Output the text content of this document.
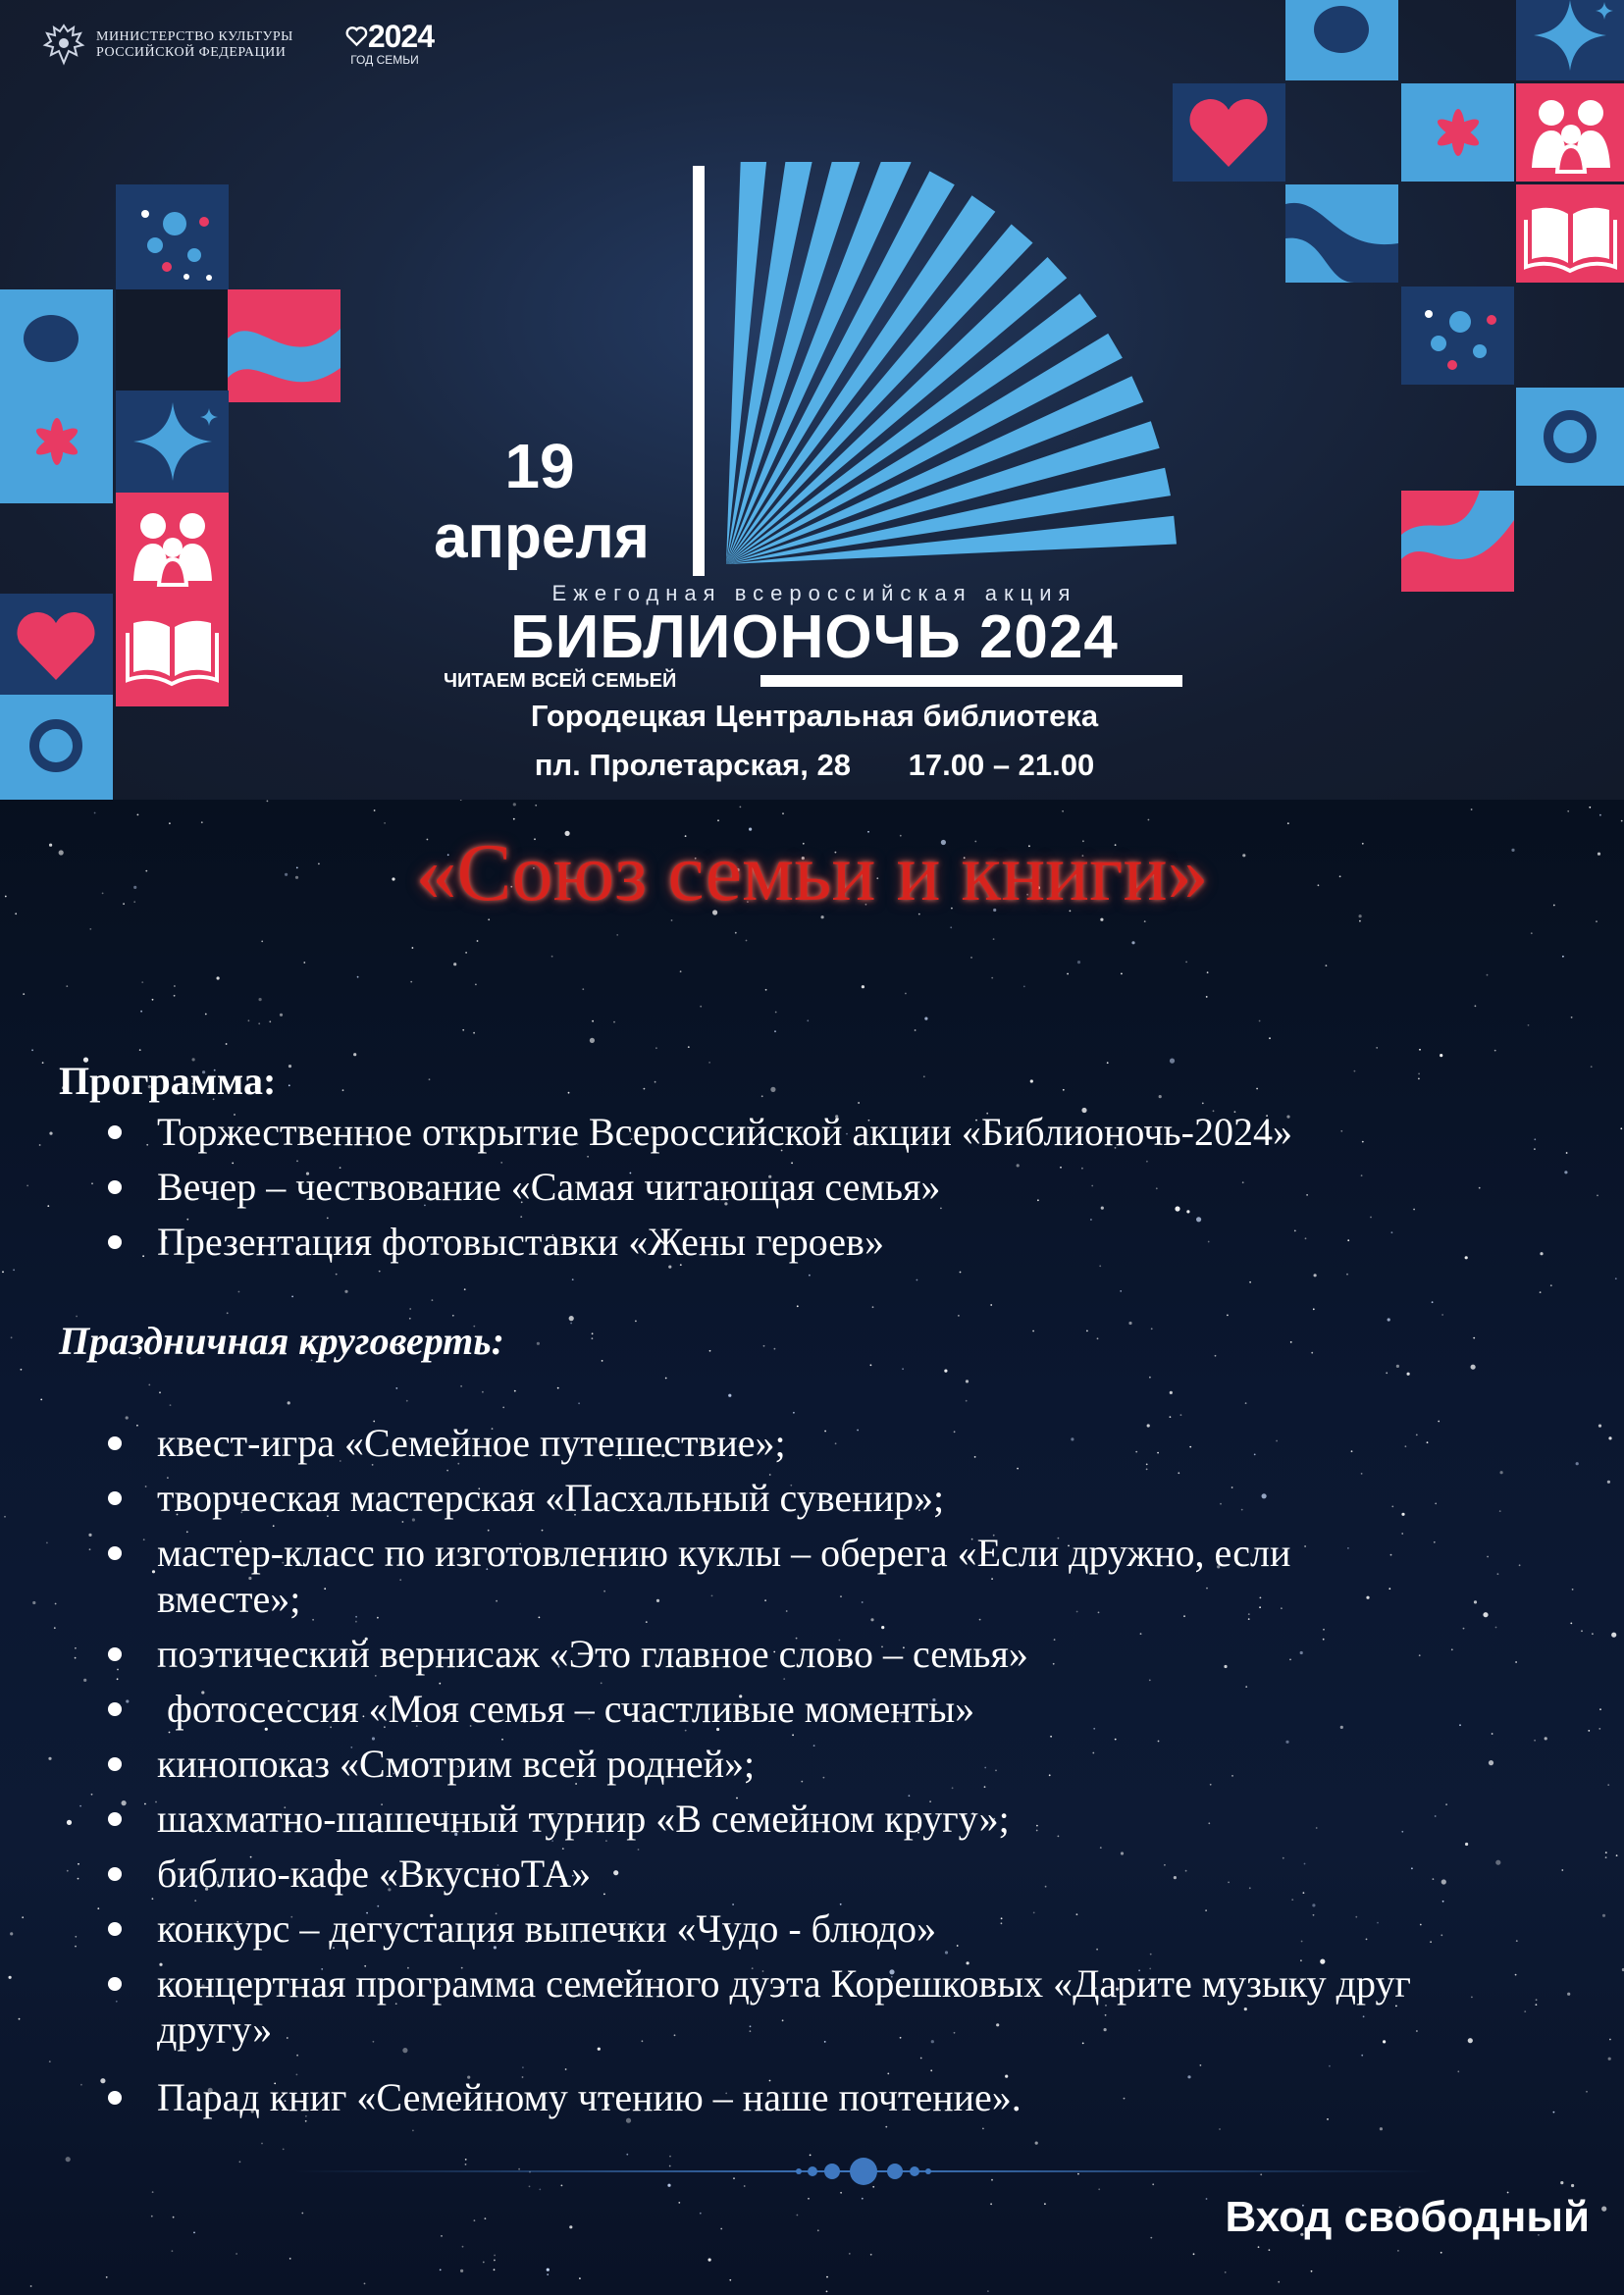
МИНИСТЕРСТВО КУЛЬТУРЫ
РОССИЙСКОЙ ФЕДЕРАЦИИ	2024
ГОД СЕМЬИ
19
апреля
Ежегодная всероссийская акция
БИБЛИОНОЧЬ 2024
ЧИТАЕМ ВСЕЙ СЕМЬЕЙ
Городецкая Центральная библиотека
пл. Пролетарская, 28 17.00 – 21.00
«Союз семьи и книги»
Программа:
Торжественное открытие Всероссийской акции «Библионочь-2024»
Вечер – чествование «Самая читающая семья»
Презентация фотовыставки «Жены героев»
Праздничная круговерть:
квест-игра «Семейное путешествие»;
творческая мастерская «Пасхальный сувенир»;
мастер-класс по изготовлению куклы – оберега «Если дружно, если вместе»;
поэтический вернисаж «Это главное слово – семья»
фотосессия «Моя семья – счастливые моменты»
кинопоказ «Смотрим всей родней»;
шахматно-шашечный турнир «В семейном кругу»;
библио-кафе «ВкусноТА»
конкурс – дегустация выпечки «Чудо - блюдо»
концертная программа семейного дуэта Корешковых «Дарите музыку друг другу»
Парад книг «Семейному чтению – наше почтение».
Вход свободный
